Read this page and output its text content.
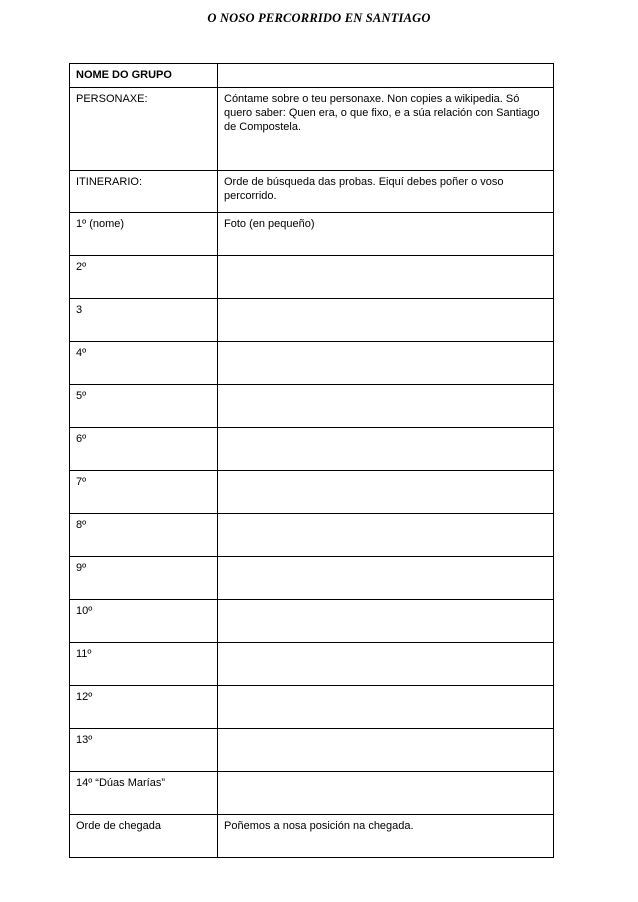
O NOSO PERCORRIDO EN SANTIAGO
NOME DO GRUPO	
PERSONAXE:	Cóntame sobre o teu personaxe. Non copies a wikipedia. Só quero saber: Quen era, o que fixo, e a súa relación con Santiago de Compostela.
ITINERARIO:	Orde de búsqueda das probas. Eiquí debes poñer o voso percorrido.
1º (nome)	Foto (en pequeño)
2º	
3	
4º	
5º	
6º	
7º	
8º	
9º	
10º	
11º	
12º	
13º	
14º “Dúas Marías”	
Orde de chegada	Poñemos a nosa posición na chegada.
